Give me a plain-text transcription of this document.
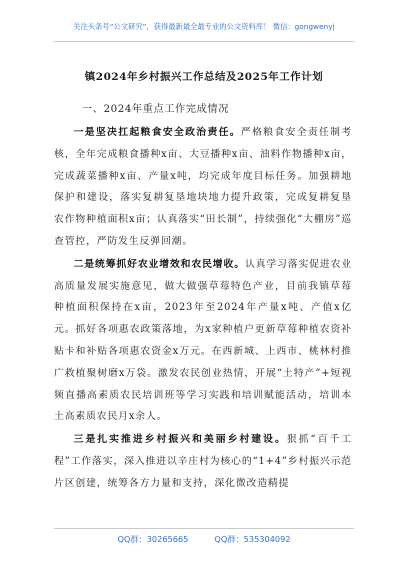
关注头条号“公文研究”，获得最新最全最专业的公文资料库！ 微信：gongwenyj
镇2024年乡村振兴工作总结及2025年工作计划
一、2024年重点工作完成情况

一是坚决扛起粮食安全政治责任。严格粮食安全责任制考核，全年完成粮食播种x亩、大豆播种x亩、油料作物播种x亩，完成蔬菜播种x亩、产量x吨，均完成年度目标任务。加强耕地保护和建设，落实复耕复垦地块地力提升政策，完成复耕复垦农作物种植面积x亩；认真落实“田长制”，持续强化“大棚房”巡查管控，严防发生反弹回潮。

二是统筹抓好农业增效和农民增收。认真学习落实促进农业高质量发展实施意见，做大做强草莓特色产业，目前我镇草莓种植面积保持在x亩，2023年至2024年产量x吨、产值x亿元。抓好各项惠农政策落地，为x家种植户更新草莓种植农资补贴卡和补贴各项惠农资金x万元。在西新城、上西市、桃林村推广救植聚树磨x万袋。激发农民创业热情，开展“土特产”+短视频直播高素质农民培训班等学习实践和培训赋能活动，培训本土高素质农民月x余人。

三是扎实推进乡村振兴和美丽乡村建设。狠抓“百千工程”工作落实，深入推进以辛庄村为核心的“1+4”乡村振兴示范片区创建，统筹各方力量和支持，深化微改造精提

QQ群：30265665	QQ群：535304092
